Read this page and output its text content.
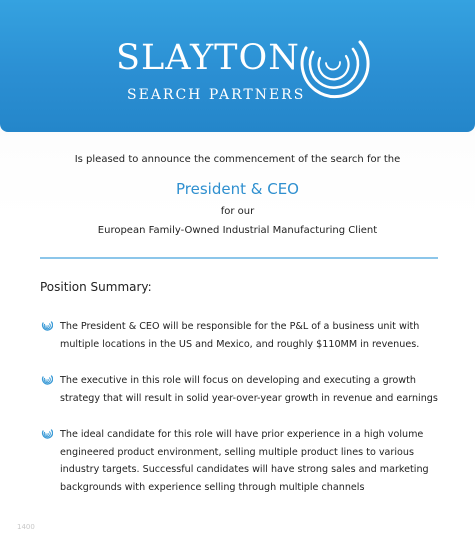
SLAYTON
SEARCH PARTNERS
Is pleased to announce the commencement of the search for the
President & CEO
for our
European Family-Owned Industrial Manufacturing Client
Position Summary:
The President & CEO will be responsible for the P&L of a business unit with multiple locations in the US and Mexico, and roughly $110MM in revenues.
The executive in this role will focus on developing and executing a growth strategy that will result in solid year-over-year growth in revenue and earnings
The ideal candidate for this role will have prior experience in a high volume engineered product environment, selling multiple product lines to various industry targets. Successful candidates will have strong sales and marketing backgrounds with experience selling through multiple channels
1400
